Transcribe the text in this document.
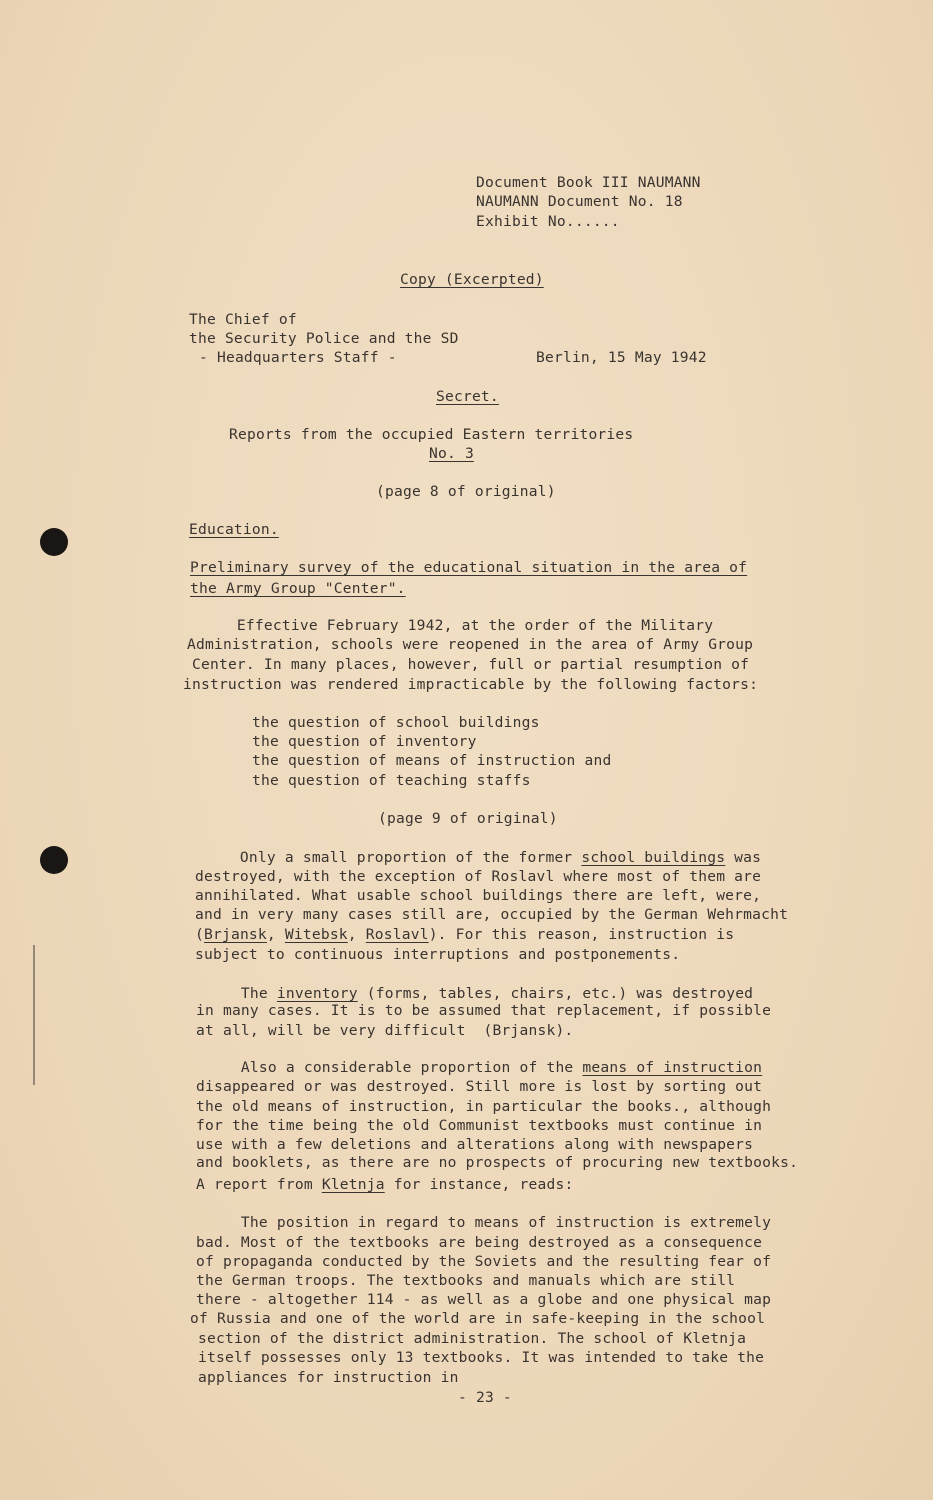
Document Book III NAUMANN
NAUMANN Document No. 18
Exhibit No......
Copy (Excerpted)
The Chief of
the Security Police and the SD
- Headquarters Staff -	Berlin, 15 May 1942
Secret.
Reports from the occupied Eastern territories
No. 3
(page 8 of original)
Education.
Preliminary survey of the educational situation in the area of
the Army Group "Center".
Effective February 1942, at the order of the Military
Administration, schools were reopened in the area of Army Group
Center. In many places, however, full or partial resumption of
instruction was rendered impracticable by the following factors:
the question of school buildings
the question of inventory
the question of means of instruction and
the question of teaching staffs
(page 9 of original)
Only a small proportion of the former school buildings was
destroyed, with the exception of Roslavl where most of them are
annihilated. What usable school buildings there are left, were,
and in very many cases still are, occupied by the German Wehrmacht
(Brjansk, Witebsk, Roslavl). For this reason, instruction is
subject to continuous interruptions and postponements.
The inventory (forms, tables, chairs, etc.) was destroyed
in many cases. It is to be assumed that replacement, if possible
at all, will be very difficult  (Brjansk).
Also a considerable proportion of the means of instruction
disappeared or was destroyed. Still more is lost by sorting out
the old means of instruction, in particular the books., although
for the time being the old Communist textbooks must continue in
use with a few deletions and alterations along with newspapers
and booklets, as there are no prospects of procuring new textbooks.
A report from Kletnja for instance, reads:
The position in regard to means of instruction is extremely
bad. Most of the textbooks are being destroyed as a consequence
of propaganda conducted by the Soviets and the resulting fear of
the German troops. The textbooks and manuals which are still
there - altogether 114 - as well as a globe and one physical map
of Russia and one of the world are in safe-keeping in the school
section of the district administration. The school of Kletnja
itself possesses only 13 textbooks. It was intended to take the
appliances for instruction in
- 23 -
